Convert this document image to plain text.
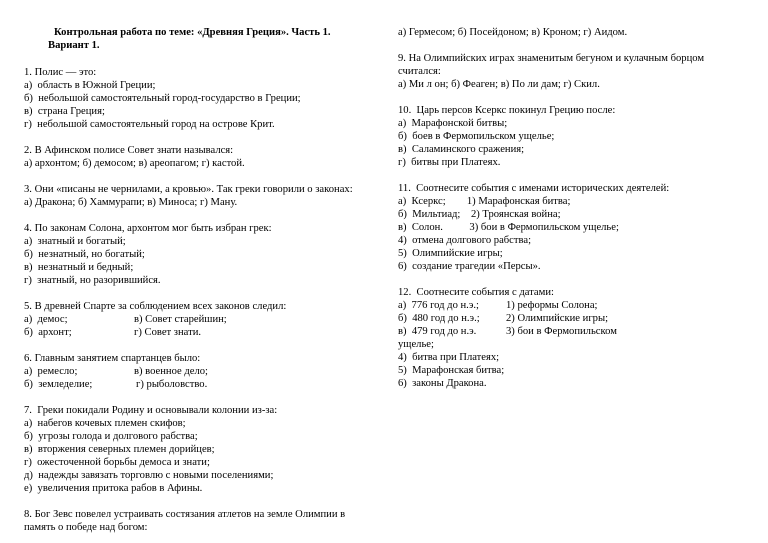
Контрольная работа по теме: «Древняя Греция». Часть 1.
Вариант 1.
1. Полис — это:
а)  область в Южной Греции;
б)  небольшой самостоятельный город-государство в Греции;
в)  страна Греция;
г)  небольшой самостоятельный город на острове Крит.
2. В Афинском полисе Совет знати назывался:
а) архонтом; б) демосом; в) ареопагом; г) кастой.
3. Они «писаны не чернилами, а кровью». Так греки говорили о законах:
а) Дракона; б) Хаммурапи; в) Миноса; г) Ману.
4. По законам Солона, архонтом мог быть избран грек:
а)  знатный и богатый;
б)  незнатный, но богатый;
в)  незнатный и бедный;
г)  знатный, но разорившийся.
5. В древней Спарте за соблюдением всех законов следил:
а)  демос;	в) Совет старейшин;
б)  архонт;	г) Совет знати.
6. Главным занятием спартанцев было:
а)  ремесло;	в) военное дело;
б)  земледелие;	г) рыболовство.
7.  Греки покидали Родину и основывали колонии из-за:
а)  набегов кочевых племен скифов;
б)  угрозы голода и долгового рабства;
в)  вторжения северных племен дорийцев;
г)  ожесточенной борьбы демоса и знати;
д)  надежды завязать торговлю с новыми поселениями;
е)  увеличения притока рабов в Афины.
8. Бог Зевс повелел устраивать состязания атлетов на земле Олимпии в
память о победе над богом:
а) Гермесом; б) Посейдоном; в) Кроном; г) Аидом.
9. На Олимпийских играх знаменитым бегуном и кулачным борцом
считался:
а) Ми л он; б) Феаген; в) По ли дам; г) Скил.
10.  Царь персов Ксеркс покинул Грецию после:
а)  Марафонской битвы;
б)  боев в Фермопильском ущелье;
в)  Саламинского сражения;
г)  битвы при Платеях.
11.  Соотнесите события с именами исторических деятелей:
а)  Ксеркс;        1) Марафонская битва;
б)  Мильтиад;    2) Троянская война;
в)  Солон.          3) бои в Фермопильском ущелье;
4)  отмена долгового рабства;
5)  Олимпийские игры;
6)  создание трагедии «Персы».
12.  Соотнесите события с датами:
а)  776 год до н.э.;	1) реформы Солона;
б)  480 год до н.э.; 2) Олимпийские игры;
в)  479 год до н.э.	3) бои в Фермопильском
ущелье;
4)  битва при Платеях;
5)  Марафонская битва;
6)  законы Дракона.
